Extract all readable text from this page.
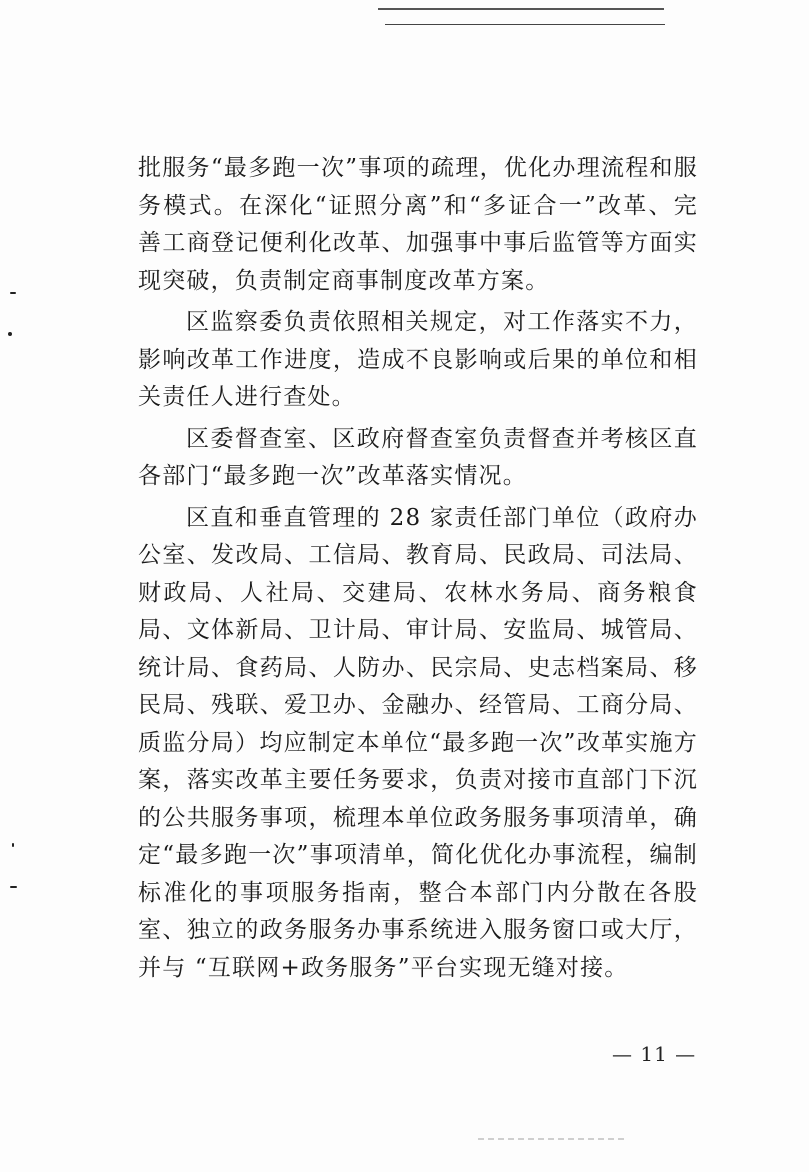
批服务“最多跑一次”事项的疏理，优化办理流程和服务模式。在深化“证照分离”和“多证合一”改革、完善工商登记便利化改革、加强事中事后监管等方面实现突破，负责制定商事制度改革方案。

区监察委负责依照相关规定，对工作落实不力，影响改革工作进度，造成不良影响或后果的单位和相关责任人进行查处。

区委督查室、区政府督查室负责督查并考核区直各部门“最多跑一次”改革落实情况。

区直和垂直管理的 28 家责任部门单位（政府办公室、发改局、工信局、教育局、民政局、司法局、财政局、人社局、交建局、农林水务局、商务粮食局、文体新局、卫计局、审计局、安监局、城管局、统计局、食药局、人防办、民宗局、史志档案局、移民局、残联、爱卫办、金融办、经管局、工商分局、质监分局）均应制定本单位“最多跑一次”改革实施方案，落实改革主要任务要求，负责对接市直部门下沉的公共服务事项，梳理本单位政务服务事项清单，确定“最多跑一次”事项清单，简化优化办事流程，编制标准化的事项服务指南，整合本部门内分散在各股室、独立的政务服务办事系统进入服务窗口或大厅，并与 “互联网+政务服务”平台实现无缝对接。

— 11 —
